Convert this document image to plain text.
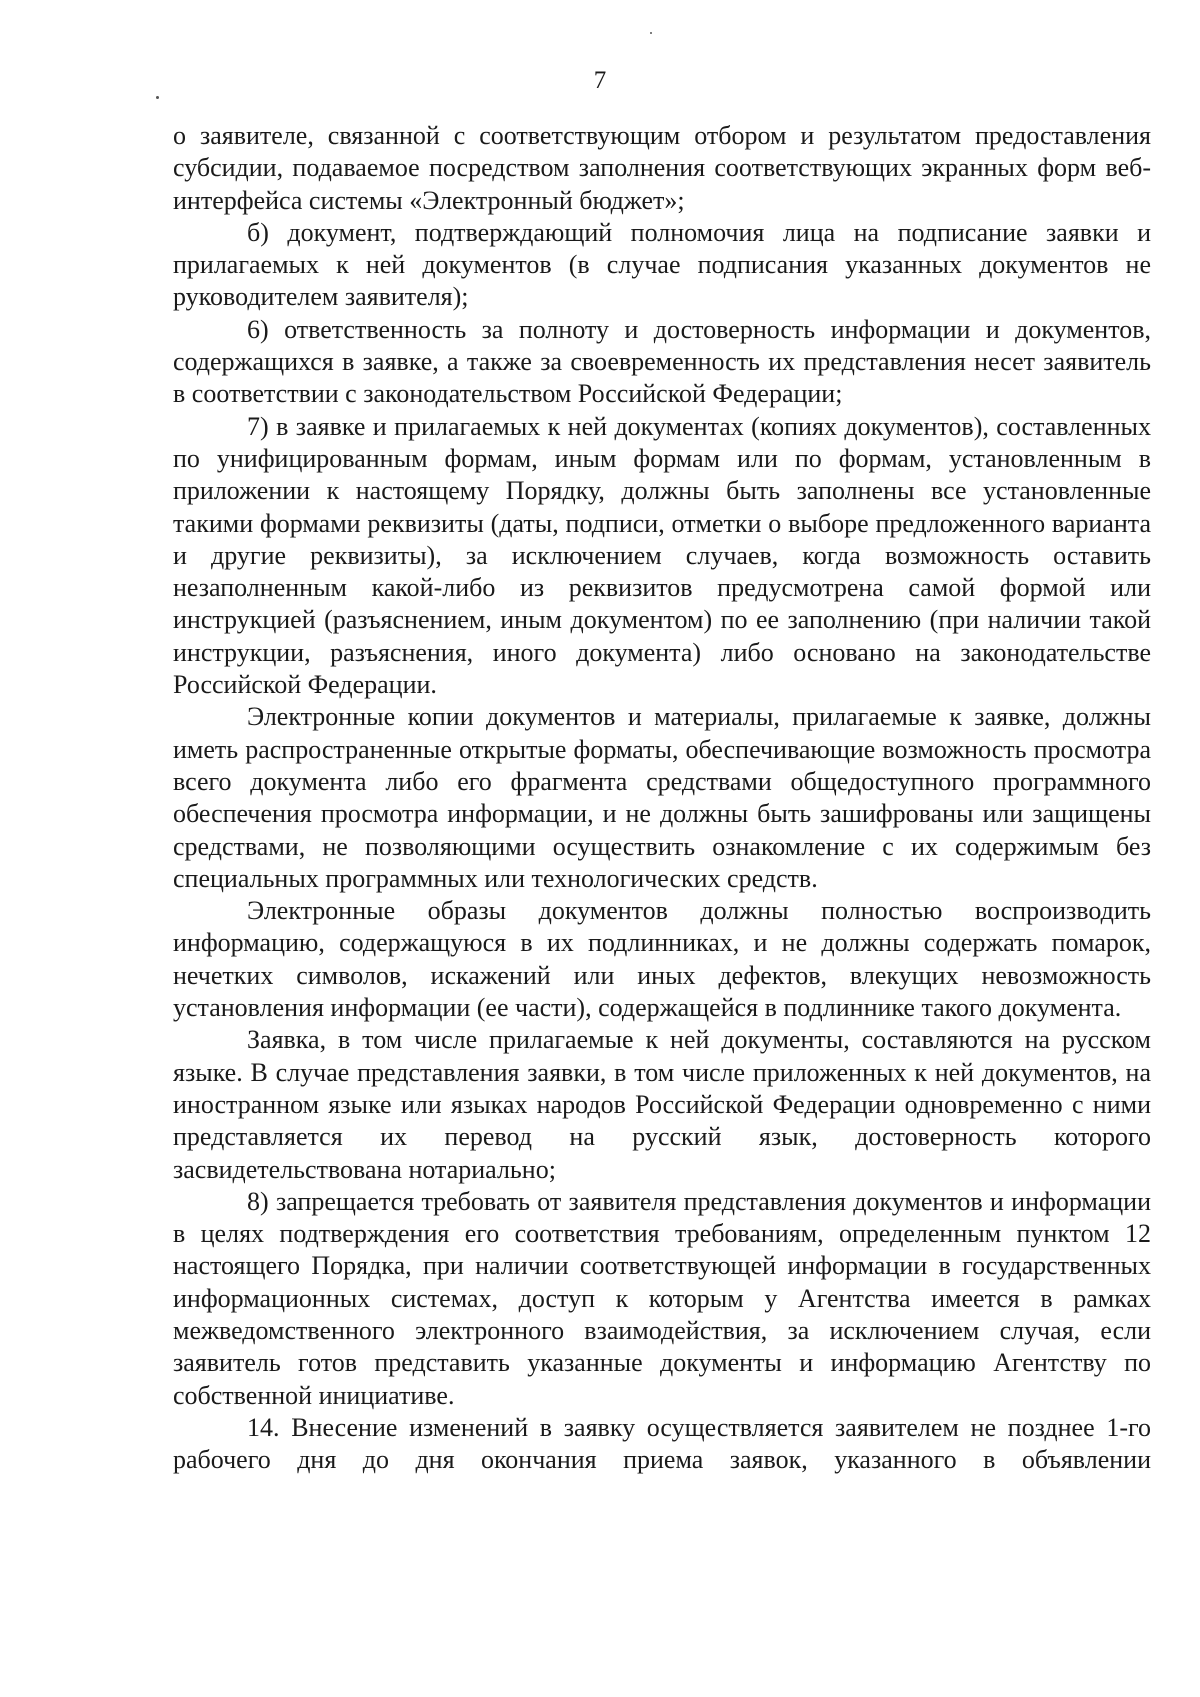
7

о заявителе, связанной с соответствующим отбором и результатом предоставления субсидии, подаваемое посредством заполнения соответствующих экранных форм веб-интерфейса системы «Электронный бюджет»;

б) документ, подтверждающий полномочия лица на подписание заявки и прилагаемых к ней документов (в случае подписания указанных документов не руководителем заявителя);

6) ответственность за полноту и достоверность информации и документов, содержащихся в заявке, а также за своевременность их представления несет заявитель в соответствии с законодательством Российской Федерации;

7) в заявке и прилагаемых к ней документах (копиях документов), составленных по унифицированным формам, иным формам или по формам, установленным в приложении к настоящему Порядку, должны быть заполнены все установленные такими формами реквизиты (даты, подписи, отметки о выборе предложенного варианта и другие реквизиты), за исключением случаев, когда возможность оставить незаполненным какой-либо из реквизитов предусмотрена самой формой или инструкцией (разъяснением, иным документом) по ее заполнению (при наличии такой инструкции, разъяснения, иного документа) либо основано на законодательстве Российской Федерации.

Электронные копии документов и материалы, прилагаемые к заявке, должны иметь распространенные открытые форматы, обеспечивающие возможность просмотра всего документа либо его фрагмента средствами общедоступного программного обеспечения просмотра информации, и не должны быть зашифрованы или защищены средствами, не позволяющими осуществить ознакомление с их содержимым без специальных программных или технологических средств.

Электронные образы документов должны полностью воспроизводить информацию, содержащуюся в их подлинниках, и не должны содержать помарок, нечетких символов, искажений или иных дефектов, влекущих невозможность установления информации (ее части), содержащейся в подлиннике такого документа.

Заявка, в том числе прилагаемые к ней документы, составляются на русском языке. В случае представления заявки, в том числе приложенных к ней документов, на иностранном языке или языках народов Российской Федерации одновременно с ними представляется их перевод на русский язык, достоверность которого засвидетельствована нотариально;

8) запрещается требовать от заявителя представления документов и информации в целях подтверждения его соответствия требованиям, определенным пунктом 12 настоящего Порядка, при наличии соответствующей информации в государственных информационных системах, доступ к которым у Агентства имеется в рамках межведомственного электронного взаимодействия, за исключением случая, если заявитель готов представить указанные документы и информацию Агентству по собственной инициативе.

14. Внесение изменений в заявку осуществляется заявителем не позднее 1-го рабочего дня до дня окончания приема заявок, указанного в объявлении
